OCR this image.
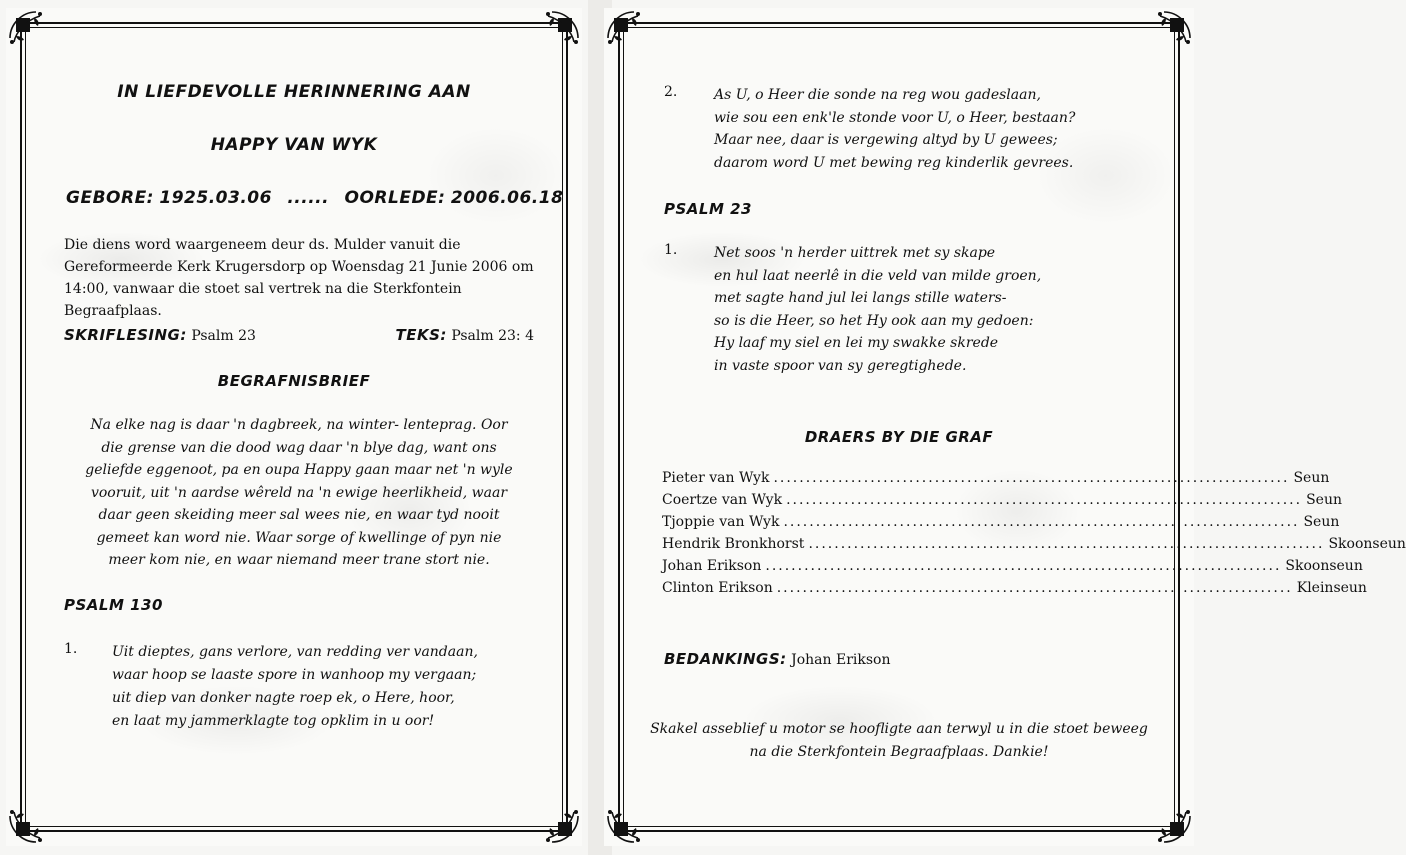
IN LIEFDEVOLLE HERINNERING AAN
HAPPY VAN WYK
GEBORE: 1925.03.06 ...... OORLEDE: 2006.06.18
Die diens word waargeneem deur ds. Mulder vanuit die Gereformeerde Kerk Krugersdorp op Woensdag 21 Junie 2006 om 14:00, vanwaar die stoet sal vertrek na die Sterkfontein Begraafplaas.
SKRIFLESING: Psalm 23	TEKS: Psalm 23: 4
BEGRAFNISBRIEF
Na elke nag is daar 'n dagbreek, na winter- lenteprag. Oor die grense van die dood wag daar 'n blye dag, want ons geliefde eggenoot, pa en oupa Happy gaan maar net 'n wyle vooruit, uit 'n aardse wêreld na 'n ewige heerlikheid, waar daar geen skeiding meer sal wees nie, en waar tyd nooit gemeet kan word nie. Waar sorge of kwellinge of pyn nie meer kom nie, en waar niemand meer trane stort nie.
PSALM 130
1. Uit dieptes, gans verlore, van redding ver vandaan,
waar hoop se laaste spore in wanhoop my vergaan;
uit diep van donker nagte roep ek, o Here, hoor,
en laat my jammerklagte tog opklim in u oor!
2.	As U, o Heer die sonde na reg wou gadeslaan,
wie sou een enk'le stonde voor U, o Heer, bestaan?
Maar nee, daar is vergewing altyd by U gewees;
daarom word U met bewing reg kinderlik gevrees.
PSALM 23
1.	Net soos 'n herder uittrek met sy skape
en hul laat neerlê in die veld van milde groen,
met sagte hand jul lei langs stille waters-
so is die Heer, so het Hy ook aan my gedoen:
Hy laaf my siel en lei my swakke skrede
in vaste spoor van sy geregtighede.
DRAERS BY DIE GRAF
Pieter van Wyk ................................................................................ Seun
Coertze van Wyk ................................................................................ Seun
Tjoppie van Wyk ................................................................................ Seun
Hendrik Bronkhorst ................................................................................ Skoonseun
Johan Erikson ................................................................................ Skoonseun
Clinton Erikson ................................................................................ Kleinseun
BEDANKINGS: Johan Erikson
Skakel asseblief u motor se hoofligte aan terwyl u in die stoet beweeg na die Sterkfontein Begraafplaas. Dankie!
